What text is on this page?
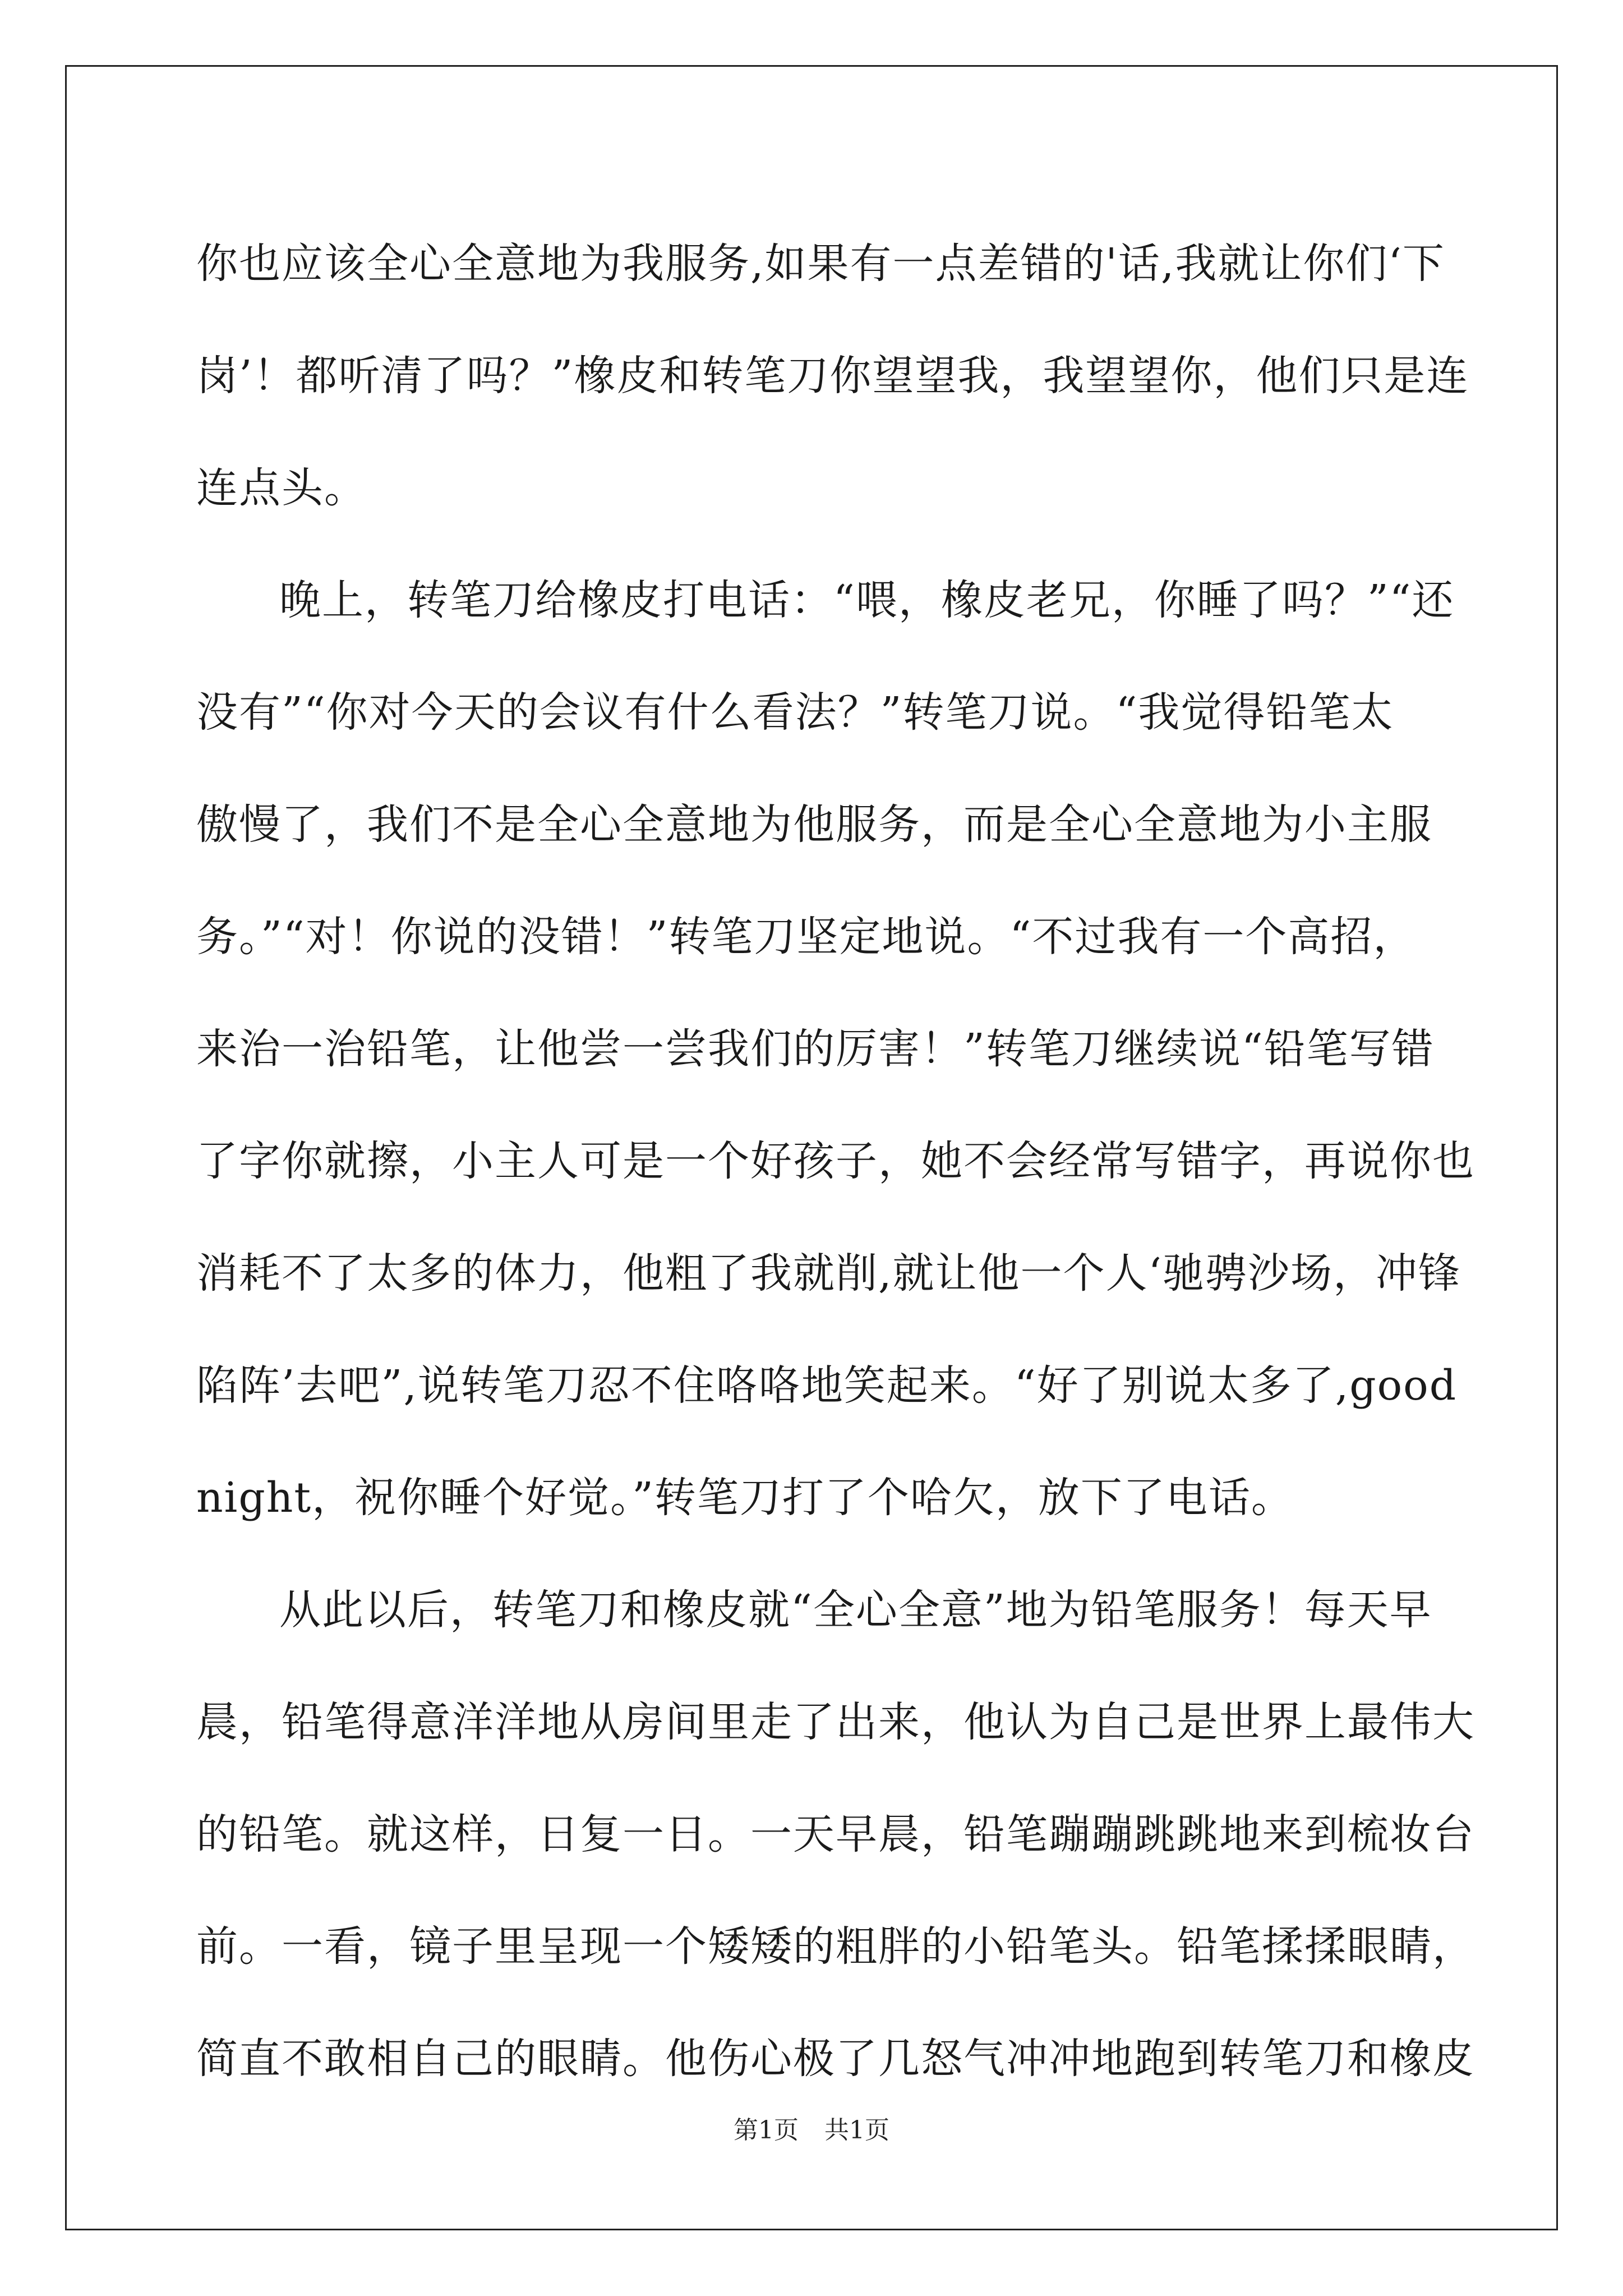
你也应该全心全意地为我服务,如果有一点差错的'话,我就让你们‘下
岗’！都听清了吗？”橡皮和转笔刀你望望我，我望望你，他们只是连
连点头。
晚上，转笔刀给橡皮打电话：“喂，橡皮老兄，你睡了吗？”“还
没有”“你对今天的会议有什么看法？”转笔刀说。“我觉得铅笔太
傲慢了，我们不是全心全意地为他服务，而是全心全意地为小主服
务。”“对！你说的没错！”转笔刀坚定地说。“不过我有一个高招，
来治一治铅笔，让他尝一尝我们的厉害！”转笔刀继续说“铅笔写错
了字你就擦，小主人可是一个好孩子，她不会经常写错字，再说你也
消耗不了太多的体力，他粗了我就削,就让他一个人‘驰骋沙场，冲锋
陷阵’去吧”,说转笔刀忍不住咯咯地笑起来。“好了别说太多了,good
night，祝你睡个好觉。”转笔刀打了个哈欠，放下了电话。
从此以后，转笔刀和橡皮就“全心全意”地为铅笔服务！每天早
晨，铅笔得意洋洋地从房间里走了出来，他认为自己是世界上最伟大
的铅笔。就这样，日复一日。一天早晨，铅笔蹦蹦跳跳地来到梳妆台
前。一看，镜子里呈现一个矮矮的粗胖的小铅笔头。铅笔揉揉眼睛，
简直不敢相自己的眼睛。他伤心极了几怒气冲冲地跑到转笔刀和橡皮
第1页 共1页
